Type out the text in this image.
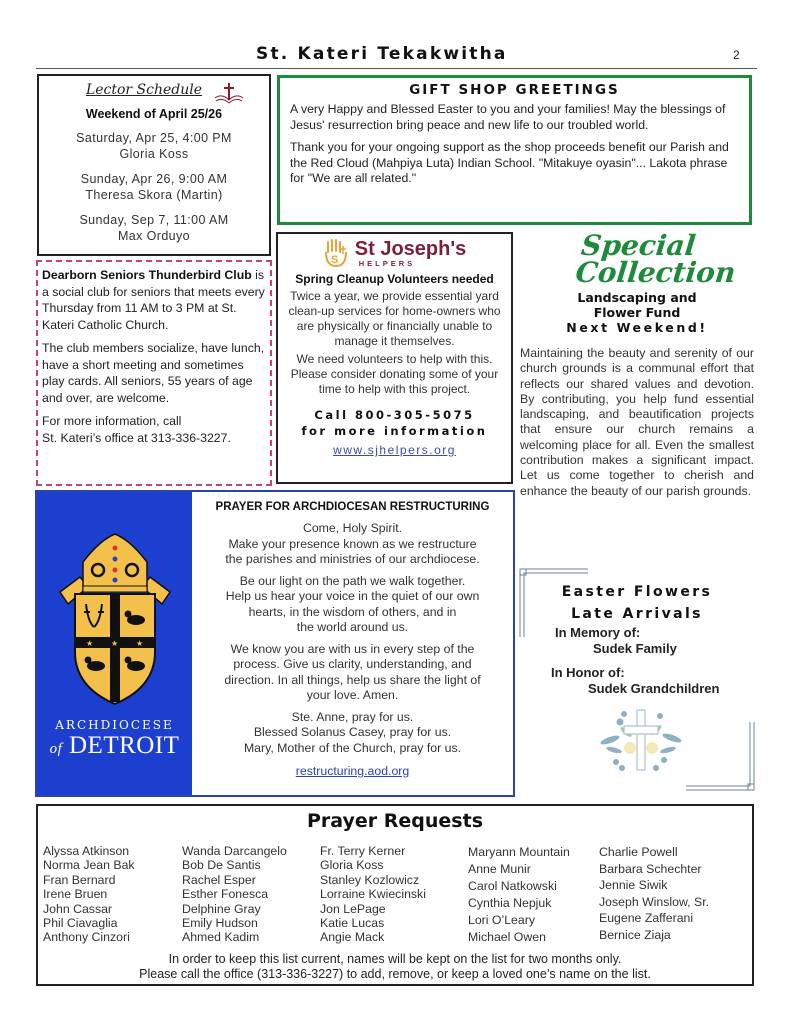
St. Kateri Tekakwitha	2
Lector Schedule
Weekend of April 25/26
Saturday, Apr 25, 4:00 PM
Gloria Koss
Sunday, Apr 26, 9:00 AM
Theresa Skora (Martin)
Sunday, Sep 7, 11:00 AM
Max Orduyo

Dearborn Seniors Thunderbird Club is a social club for seniors that meets every Thursday from 11 AM to 3 PM at St. Kateri Catholic Church.

The club members socialize, have lunch, have a short meeting and sometimes play cards. All seniors, 55 years of age and over, are welcome.

For more information, call
St. Kateri’s office at 313-336-3227.

GIFT SHOP GREETINGS

A very Happy and Blessed Easter to you and your families! May the blessings of Jesus' resurrection bring peace and new life to our troubled world.

Thank you for your ongoing support as the shop proceeds benefit our Parish and the Red Cloud (Mahpiya Luta) Indian School. "Mitakuye oyasin"... Lakota phrase for "We are all related."

S
St Joseph's
HELPERS
Spring Cleanup Volunteers needed

Twice a year, we provide essential yard clean-up services for home-owners who are physically or financially unable to manage it themselves.

We need volunteers to help with this. Please consider donating some of your time to help with this project.

Call 800-305-5075
for more information
www.sjhelpers.org
Special
Collection
Landscaping and
Flower Fund
Next Weekend!
Maintaining the beauty and serenity of our church grounds is a communal effort that reflects our shared values and devotion. By contributing, you help fund essential landscaping, and beautification projects that ensure our church remains a welcoming place for all. Even the smallest contribution makes a significant impact. Let us come together to cherish and enhance the beauty of our parish grounds.
★ ★ ★
ARCHDIOCESE
of DETROIT
PRAYER FOR ARCHDIOCESAN RESTRUCTURING

Come, Holy Spirit.
Make your presence known as we restructure
the parishes and ministries of our archdiocese.

Be our light on the path we walk together.
Help us hear your voice in the quiet of our own
hearts, in the wisdom of others, and in
the world around us.

We know you are with us in every step of the
process. Give us clarity, understanding, and
direction. In all things, help us share the light of
your love. Amen.

Ste. Anne, pray for us.
Blessed Solanus Casey, pray for us.
Mary, Mother of the Church, pray for us.

restructuring.aod.org
Easter Flowers
Late Arrivals
In Memory of:
Sudek Family
In Honor of:
Sudek Grandchildren
Prayer Requests
Alyssa Atkinson
Norma Jean Bak
Fran Bernard
Irene Bruen
John Cassar
Phil Ciavaglia
Anthony Cinzori
Wanda Darcangelo
Bob De Santis
Rachel Esper
Esther Fonesca
Delphine Gray
Emily Hudson
Ahmed Kadim
Fr. Terry Kerner
Gloria Koss
Stanley Kozlowicz
Lorraine Kwiecinski
Jon LePage
Katie Lucas
Angie Mack
Maryann Mountain
Anne Munir
Carol Natkowski
Cynthia Nepjuk
Lori O’Leary
Michael Owen
Charlie Powell
Barbara Schechter
Jennie Siwik
Joseph Winslow, Sr.
Eugene Zafferani
Bernice Ziaja
In order to keep this list current, names will be kept on the list for two months only.
Please call the office (313-336-3227) to add, remove, or keep a loved one’s name on the list.
